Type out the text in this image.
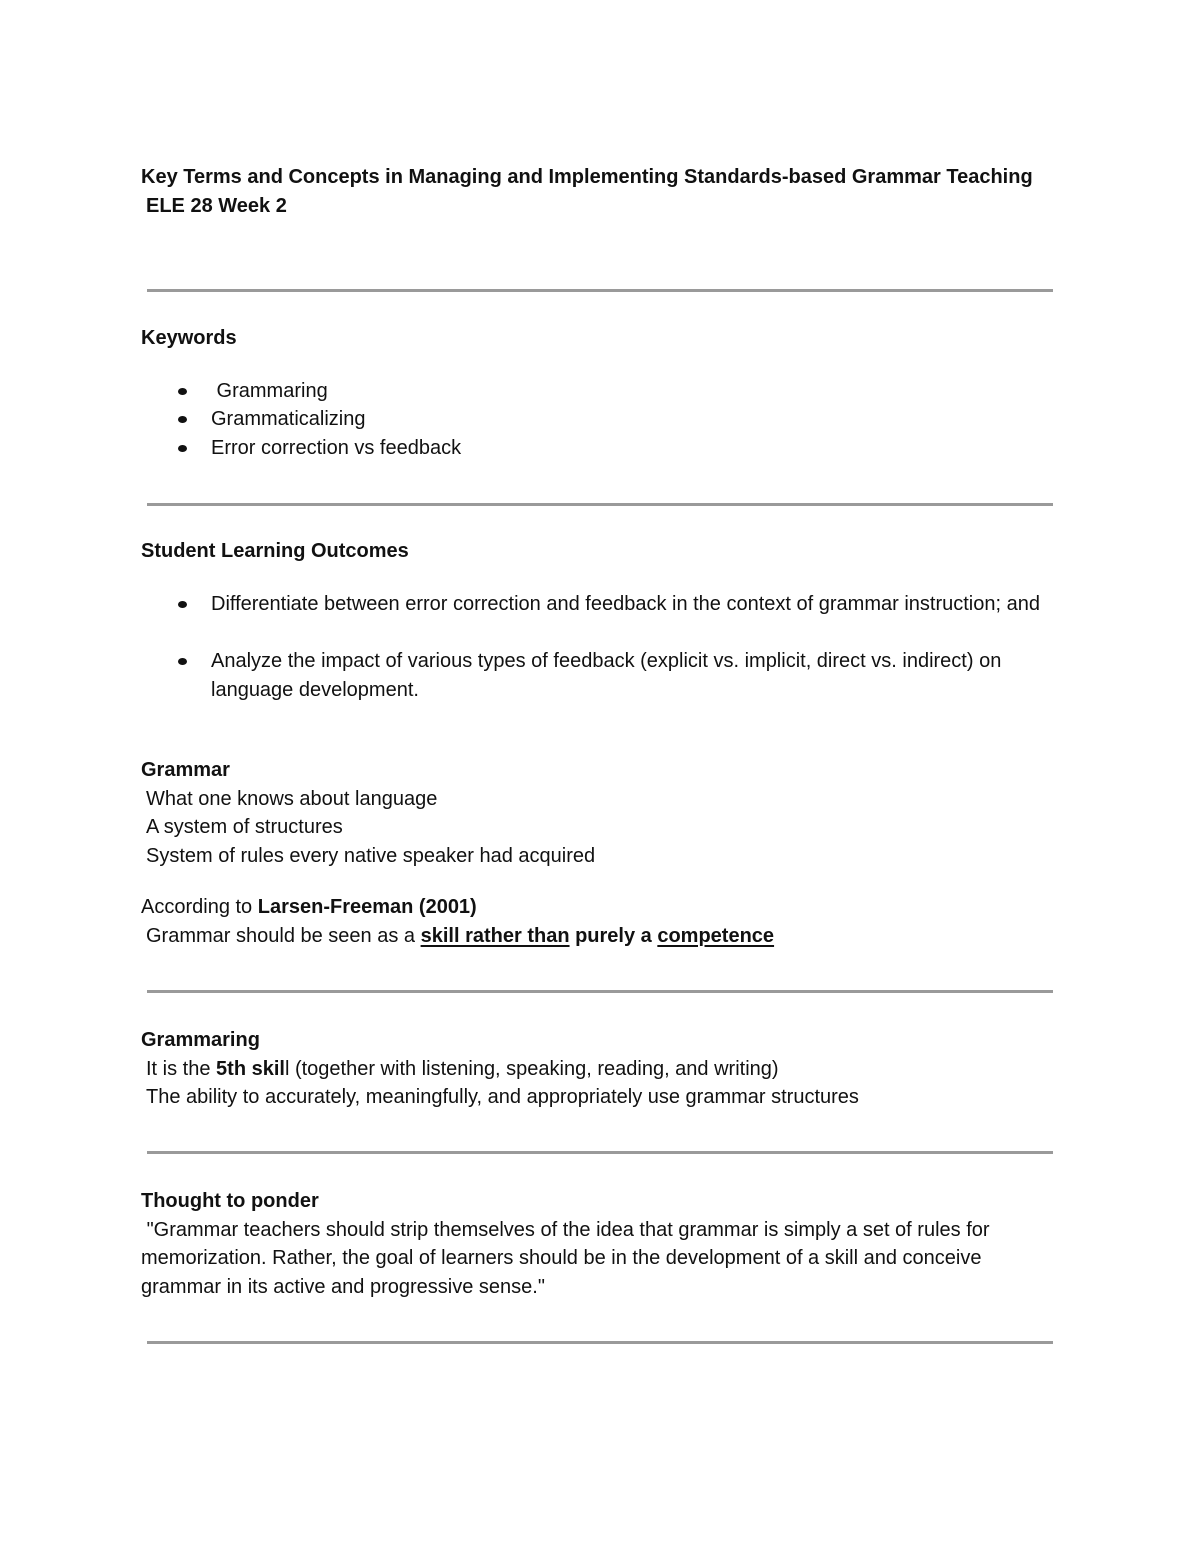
Key Terms and Concepts in Managing and Implementing Standards-based Grammar Teaching
ELE 28 Week 2
Keywords
Grammaring
Grammaticalizing
Error correction vs feedback
Student Learning Outcomes
Differentiate between error correction and feedback in the context of grammar instruction; and
Analyze the impact of various types of feedback (explicit vs. implicit, direct vs. indirect) on language development.
Grammar
What one knows about language
A system of structures
System of rules every native speaker had acquired
According to Larsen-Freeman (2001)
Grammar should be seen as a skill rather than purely a competence
Grammaring
It is the 5th skill (together with listening, speaking, reading, and writing)
The ability to accurately, meaningfully, and appropriately use grammar structures
Thought to ponder
"Grammar teachers should strip themselves of the idea that grammar is simply a set of rules for memorization. Rather, the goal of learners should be in the development of a skill and conceive grammar in its active and progressive sense."
